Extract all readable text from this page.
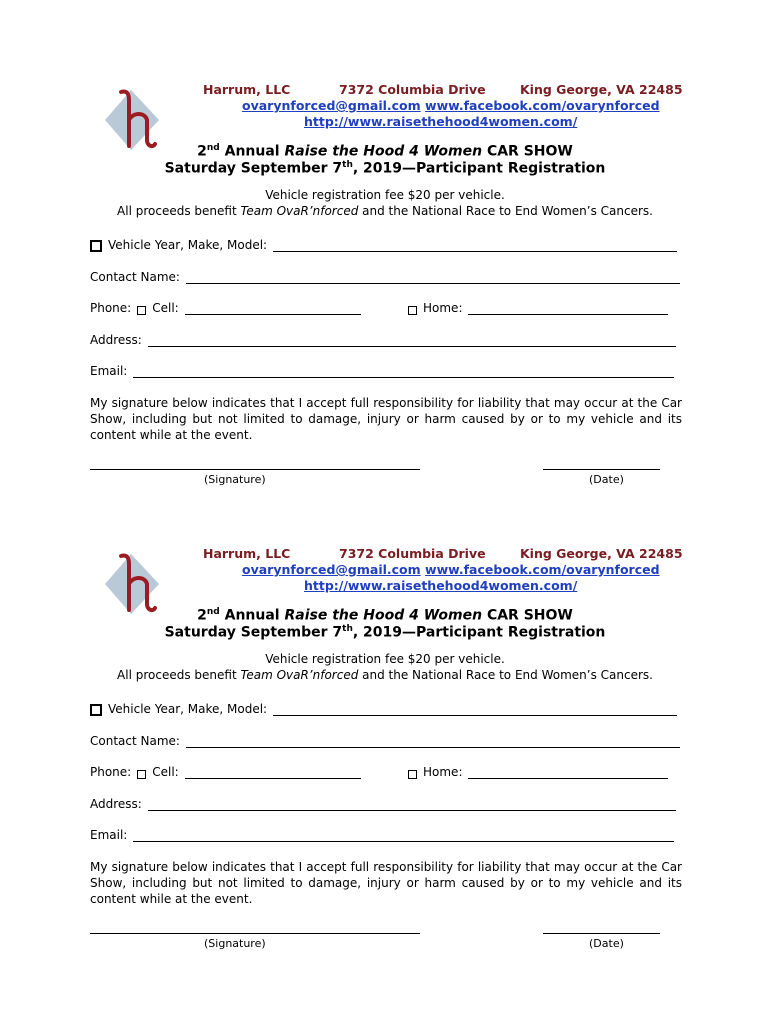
Harrum, LLC	7372 Columbia Drive	King George, VA 22485
ovarynforced@gmail.com www.facebook.com/ovarynforced
http://www.raisethehood4women.com/
2nd Annual Raise the Hood 4 Women CAR SHOW
Saturday September 7th, 2019—Participant Registration
Vehicle registration fee $20 per vehicle.
All proceeds benefit Team OvaR’nforced and the National Race to End Women’s Cancers.
Vehicle Year, Make, Model:
Contact Name:
Phone: Cell:	Home:
Address:
Email:
My signature below indicates that I accept full responsibility for liability that may occur at the Car Show, including but not limited to damage, injury or harm caused by or to my vehicle and its content while at the event.
(Signature)	(Date)
Harrum, LLC	7372 Columbia Drive	King George, VA 22485
ovarynforced@gmail.com www.facebook.com/ovarynforced
http://www.raisethehood4women.com/
2nd Annual Raise the Hood 4 Women CAR SHOW
Saturday September 7th, 2019—Participant Registration
Vehicle registration fee $20 per vehicle.
All proceeds benefit Team OvaR’nforced and the National Race to End Women’s Cancers.
Vehicle Year, Make, Model:
Contact Name:
Phone: Cell:	Home:
Address:
Email:
My signature below indicates that I accept full responsibility for liability that may occur at the Car Show, including but not limited to damage, injury or harm caused by or to my vehicle and its content while at the event.
(Signature)	(Date)
